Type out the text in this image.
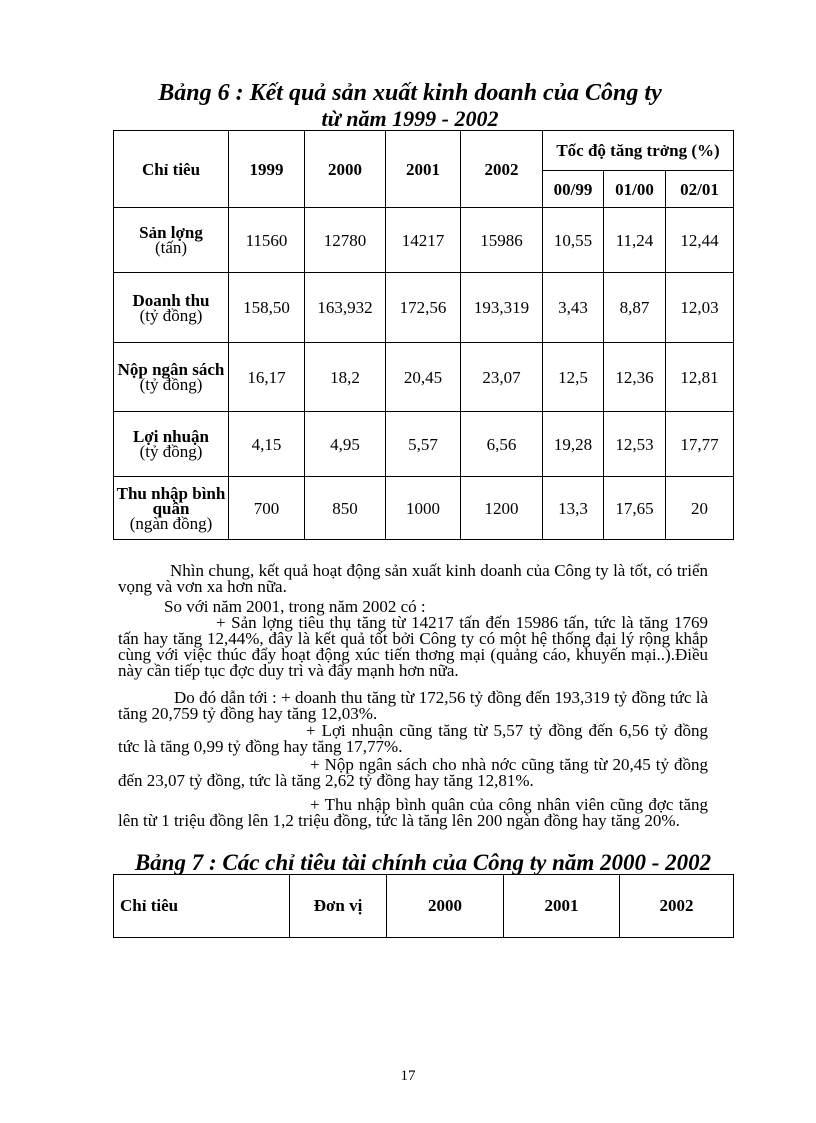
Bảng 6 : Kết quả sản xuất kinh doanh của Công ty
từ năm 1999 - 2002
Chỉ tiêu	1999	2000	2001	2002	Tốc độ tăng trởng (%)		
					00/99	01/00	02/01

Sản lợng
(tấn)	11560	12780	14217	15986	10,55	11,24	12,44

Doanh thu
(tỷ đồng)	158,50	163,932	172,56	193,319	3,43	8,87	12,03

Nộp ngân sách
(tỷ đồng)	16,17	18,2	20,45	23,07	12,5	12,36	12,81

Lợi nhuận
(tỷ đồng)	4,15	4,95	5,57	6,56	19,28	12,53	17,77

Thu nhập bình quân
(ngàn đồng)	700	850	1000	1200	13,3	17,65	20
Nhìn chung, kết quả hoạt động sản xuất kinh doanh của Công ty là tốt, có triển vọng và vơn xa hơn nữa.
So với năm 2001, trong năm 2002 có :
+ Sản lợng tiêu thụ tăng từ 14217 tấn đến 15986 tấn, tức là tăng 1769 tấn hay tăng 12,44%, đây là kết quả tốt bởi Công ty có một hệ thống đại lý rộng khắp cùng với việc thúc đẩy hoạt động xúc tiến thơng mại (quảng cáo, khuyến mại..).Điều này cần tiếp tục đợc duy trì và đẩy mạnh hơn nữa.
Do đó dẫn tới : + doanh thu tăng từ 172,56 tỷ đồng đến 193,319 tỷ đồng tức là tăng 20,759 tỷ đồng hay tăng 12,03%.
+ Lợi nhuận cũng tăng từ 5,57 tỷ đồng đến 6,56 tỷ đồng tức là tăng 0,99 tỷ đồng hay tăng 17,77%.
+ Nộp ngân sách cho nhà nớc cũng tăng từ 20,45 tỷ đồng đến 23,07 tỷ đồng, tức là tăng 2,62 tỷ đồng hay tăng 12,81%.
+ Thu nhập bình quân của công nhân viên cũng đợc tăng lên từ 1 triệu đồng lên 1,2 triệu đồng, tức là tăng lên 200 ngàn đồng hay tăng 20%.
Bảng 7 : Các chỉ tiêu tài chính của Công ty năm 2000 - 2002
Chỉ tiêu	Đơn vị	2000	2001	2002
17
